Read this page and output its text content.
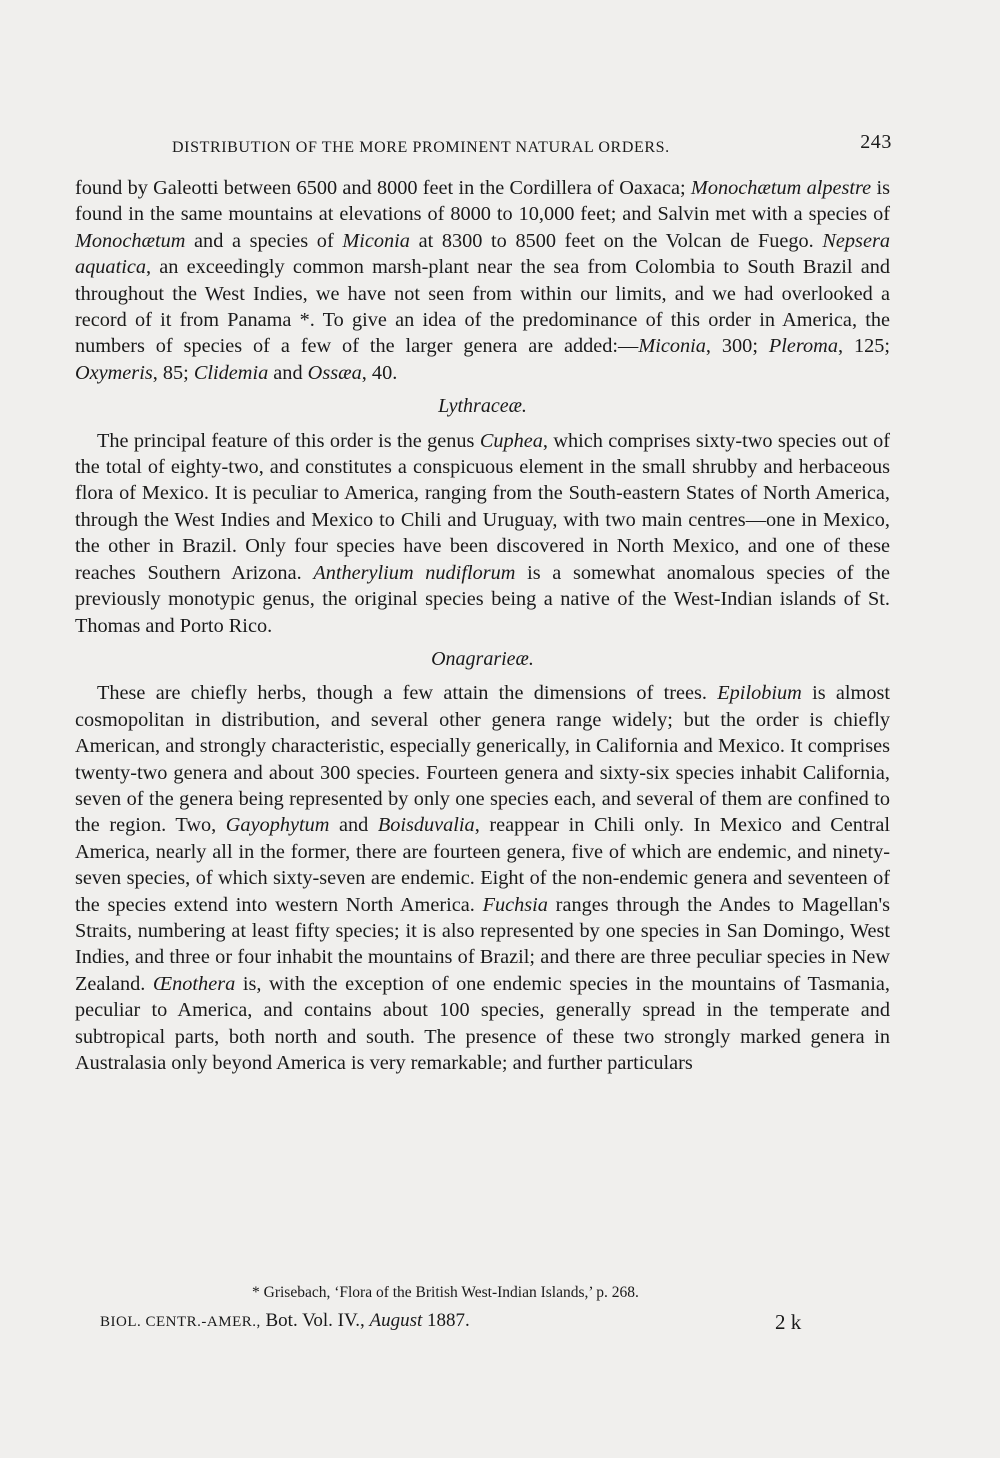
DISTRIBUTION OF THE MORE PROMINENT NATURAL ORDERS.	243

found by Galeotti between 6500 and 8000 feet in the Cordillera of Oaxaca; Monochætum alpestre is found in the same mountains at elevations of 8000 to 10,000 feet; and Salvin met with a species of Monochætum and a species of Miconia at 8300 to 8500 feet on the Volcan de Fuego. Nepsera aquatica, an exceedingly common marsh-plant near the sea from Colombia to South Brazil and throughout the West Indies, we have not seen from within our limits, and we had overlooked a record of it from Panama *. To give an idea of the predominance of this order in America, the numbers of species of a few of the larger genera are added:—Miconia, 300; Pleroma, 125; Oxymeris, 85; Clidemia and Ossæa, 40.

Lythraceæ.

The principal feature of this order is the genus Cuphea, which comprises sixty-two species out of the total of eighty-two, and constitutes a conspicuous element in the small shrubby and herbaceous flora of Mexico. It is peculiar to America, ranging from the South-eastern States of North America, through the West Indies and Mexico to Chili and Uruguay, with two main centres—one in Mexico, the other in Brazil. Only four species have been discovered in North Mexico, and one of these reaches Southern Arizona. Antherylium nudiflorum is a somewhat anomalous species of the previously monotypic genus, the original species being a native of the West-Indian islands of St. Thomas and Porto Rico.

Onagrarieæ.

These are chiefly herbs, though a few attain the dimensions of trees. Epilobium is almost cosmopolitan in distribution, and several other genera range widely; but the order is chiefly American, and strongly characteristic, especially generically, in California and Mexico. It comprises twenty-two genera and about 300 species. Fourteen genera and sixty-six species inhabit California, seven of the genera being represented by only one species each, and several of them are confined to the region. Two, Gayophytum and Boisduvalia, reappear in Chili only. In Mexico and Central America, nearly all in the former, there are fourteen genera, five of which are endemic, and ninety-seven species, of which sixty-seven are endemic. Eight of the non-endemic genera and seventeen of the species extend into western North America. Fuchsia ranges through the Andes to Magellan's Straits, numbering at least fifty species; it is also represented by one species in San Domingo, West Indies, and three or four inhabit the mountains of Brazil; and there are three peculiar species in New Zealand. Œnothera is, with the exception of one endemic species in the mountains of Tasmania, peculiar to America, and contains about 100 species, generally spread in the temperate and subtropical parts, both north and south. The presence of these two strongly marked genera in Australasia only beyond America is very remarkable; and further particulars

* Grisebach, ‘Flora of the British West-Indian Islands,’ p. 268.
BIOL. CENTR.-AMER., Bot. Vol. IV., August 1887.	2 k
